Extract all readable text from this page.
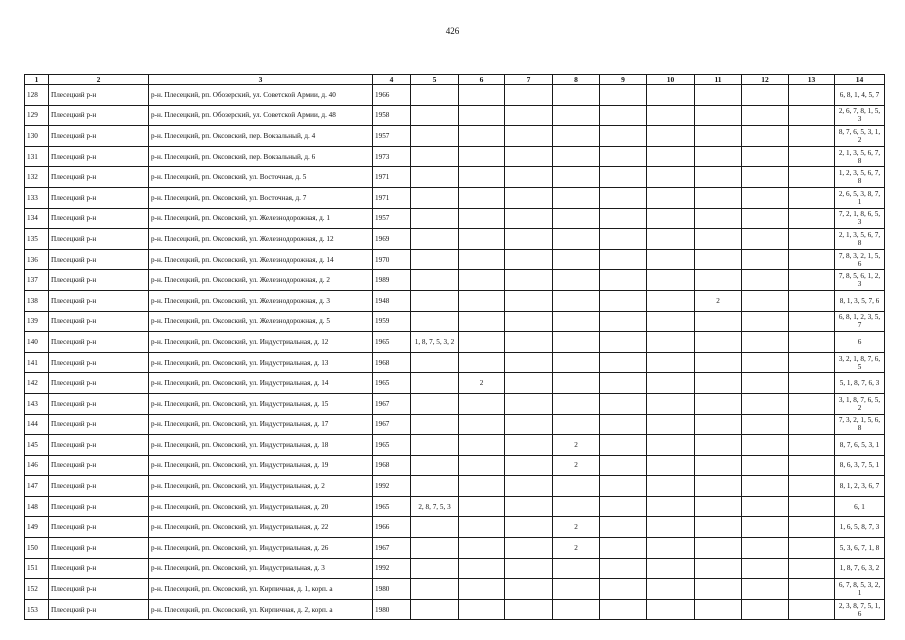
426
1	2	3	4	5	6	7	8	9	10	11	12	13	14
128	Плесецкий р-н	р-н. Плесецкий, рп. Обозерский, ул. Советской Армии, д. 40	1966										6, 8, 1, 4, 5, 7
129	Плесецкий р-н	р-н. Плесецкий, рп. Обозерский, ул. Советской Армии, д. 48	1958										2, 6, 7, 8, 1, 5, 3
130	Плесецкий р-н	р-н. Плесецкий, рп. Оксовский, пер. Вокзальный, д. 4	1957										8, 7, 6, 5, 3, 1, 2
131	Плесецкий р-н	р-н. Плесецкий, рп. Оксовский, пер. Вокзальный, д. 6	1973										2, 1, 3, 5, 6, 7, 8
132	Плесецкий р-н	р-н. Плесецкий, рп. Оксовский, ул. Восточная, д. 5	1971										1, 2, 3, 5, 6, 7, 8
133	Плесецкий р-н	р-н. Плесецкий, рп. Оксовский, ул. Восточная, д. 7	1971										2, 6, 5, 3, 8, 7, 1
134	Плесецкий р-н	р-н. Плесецкий, рп. Оксовский, ул. Железнодорожная, д. 1	1957										7, 2, 1, 8, 6, 5, 3
135	Плесецкий р-н	р-н. Плесецкий, рп. Оксовский, ул. Железнодорожная, д. 12	1969										2, 1, 3, 5, 6, 7, 8
136	Плесецкий р-н	р-н. Плесецкий, рп. Оксовский, ул. Железнодорожная, д. 14	1970										7, 8, 3, 2, 1, 5, 6
137	Плесецкий р-н	р-н. Плесецкий, рп. Оксовский, ул. Железнодорожная, д. 2	1989										7, 8, 5, 6, 1, 2, 3
138	Плесецкий р-н	р-н. Плесецкий, рп. Оксовский, ул. Железнодорожная, д. 3	1948							2			8, 1, 3, 5, 7, 6
139	Плесецкий р-н	р-н. Плесецкий, рп. Оксовский, ул. Железнодорожная, д. 5	1959										6, 8, 1, 2, 3, 5, 7
140	Плесецкий р-н	р-н. Плесецкий, рп. Оксовский, ул. Индустриальная, д. 12	1965	1, 8, 7, 5, 3, 2									6
141	Плесецкий р-н	р-н. Плесецкий, рп. Оксовский, ул. Индустриальная, д. 13	1968										3, 2, 1, 8, 7, 6, 5
142	Плесецкий р-н	р-н. Плесецкий, рп. Оксовский, ул. Индустриальная, д. 14	1965		2								5, 1, 8, 7, 6, 3
143	Плесецкий р-н	р-н. Плесецкий, рп. Оксовский, ул. Индустриальная, д. 15	1967										3, 1, 8, 7, 6, 5, 2
144	Плесецкий р-н	р-н. Плесецкий, рп. Оксовский, ул. Индустриальная, д. 17	1967										7, 3, 2, 1, 5, 6, 8
145	Плесецкий р-н	р-н. Плесецкий, рп. Оксовский, ул. Индустриальная, д. 18	1965				2						8, 7, 6, 5, 3, 1
146	Плесецкий р-н	р-н. Плесецкий, рп. Оксовский, ул. Индустриальная, д. 19	1968				2						8, 6, 3, 7, 5, 1
147	Плесецкий р-н	р-н. Плесецкий, рп. Оксовский, ул. Индустриальная, д. 2	1992										8, 1, 2, 3, 6, 7
148	Плесецкий р-н	р-н. Плесецкий, рп. Оксовский, ул. Индустриальная, д. 20	1965	2, 8, 7, 5, 3									6, 1
149	Плесецкий р-н	р-н. Плесецкий, рп. Оксовский, ул. Индустриальная, д. 22	1966				2						1, 6, 5, 8, 7, 3
150	Плесецкий р-н	р-н. Плесецкий, рп. Оксовский, ул. Индустриальная, д. 26	1967				2						5, 3, 6, 7, 1, 8
151	Плесецкий р-н	р-н. Плесецкий, рп. Оксовский, ул. Индустриальная, д. 3	1992										1, 8, 7, 6, 3, 2
152	Плесецкий р-н	р-н. Плесецкий, рп. Оксовский, ул. Кирпичная, д. 1, корп. а	1980										6, 7, 8, 5, 3, 2, 1
153	Плесецкий р-н	р-н. Плесецкий, рп. Оксовский, ул. Кирпичная, д. 2, корп. а	1980										2, 3, 8, 7, 5, 1, 6
